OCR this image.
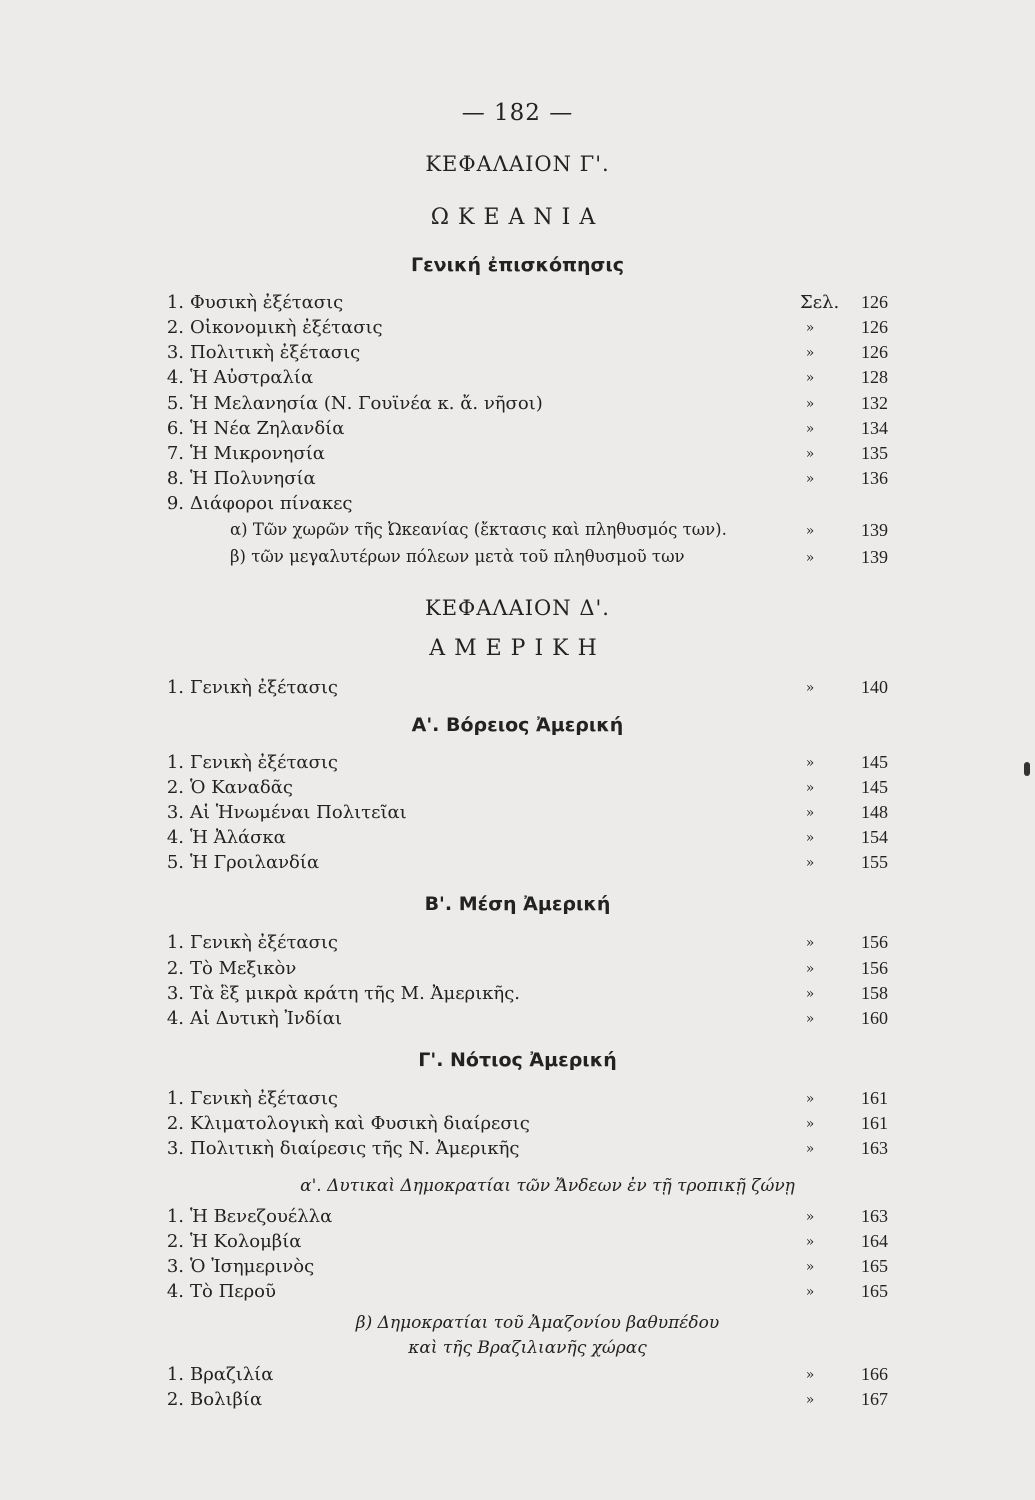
— 182 —
ΚΕΦΑΛΑΙΟΝ Γ'.
ΩΚΕΑΝΙΑ
Γενική ἐπισκόπησις
1. Φυσικὴ ἐξέτασις	Σελ.	126
2. Οἰκονομικὴ ἐξέτασις	»	126
3. Πολιτικὴ ἐξέτασις	»	126
4. Ἡ Αὐστραλία	»	128
5. Ἡ Μελανησία (Ν. Γουϊνέα κ. ἄ. νῆσοι)	»	132
6. Ἡ Νέα Ζηλανδία	»	134
7. Ἡ Μικρονησία	»	135
8. Ἡ Πολυνησία	»	136
9. Διάφοροι πίνακες
α) Τῶν χωρῶν τῆς Ὠκεανίας (ἔκτασις καὶ πληθυσμός των).	»	139
β) τῶν μεγαλυτέρων πόλεων μετὰ τοῦ πληθυσμοῦ των	»	139
ΚΕΦΑΛΑΙΟΝ Δ'.
ΑΜΕΡΙΚΗ
1. Γενικὴ ἐξέτασις	»	140
Α'. Βόρειος Ἀμερική
1. Γενικὴ ἐξέτασις	»	145
2. Ὁ Καναδᾶς	»	145
3. Αἱ Ἡνωμέναι Πολιτεῖαι	»	148
4. Ἡ Ἀλάσκα	»	154
5. Ἡ Γροιλανδία	»	155
Β'. Μέση Ἀμερική
1. Γενικὴ ἐξέτασις	»	156
2. Τὸ Μεξικὸν	»	156
3. Τὰ ἓξ μικρὰ κράτη τῆς Μ. Ἀμερικῆς.	»	158
4. Αἱ Δυτικὴ Ἰνδίαι	»	160
Γ'. Νότιος Ἀμερική
1. Γενικὴ ἐξέτασις	»	161
2. Κλιματολογικὴ καὶ Φυσικὴ διαίρεσις	»	161
3. Πολιτικὴ διαίρεσις τῆς Ν. Ἀμερικῆς	»	163
α'. Δυτικαὶ Δημοκρατίαι τῶν Ἄνδεων ἐν τῇ τροπικῇ ζώνῃ
1. Ἡ Βενεζουέλλα	»	163
2. Ἡ Κολομβία	»	164
3. Ὁ Ἰσημερινὸς	»	165
4. Τὸ Περοῦ	»	165
β) Δημοκρατίαι τοῦ Ἀμαζονίου βαθυπέδου
καὶ τῆς Βραζιλιανῆς χώρας
1. Βραζιλία	»	166
2. Βολιβία	»	167
